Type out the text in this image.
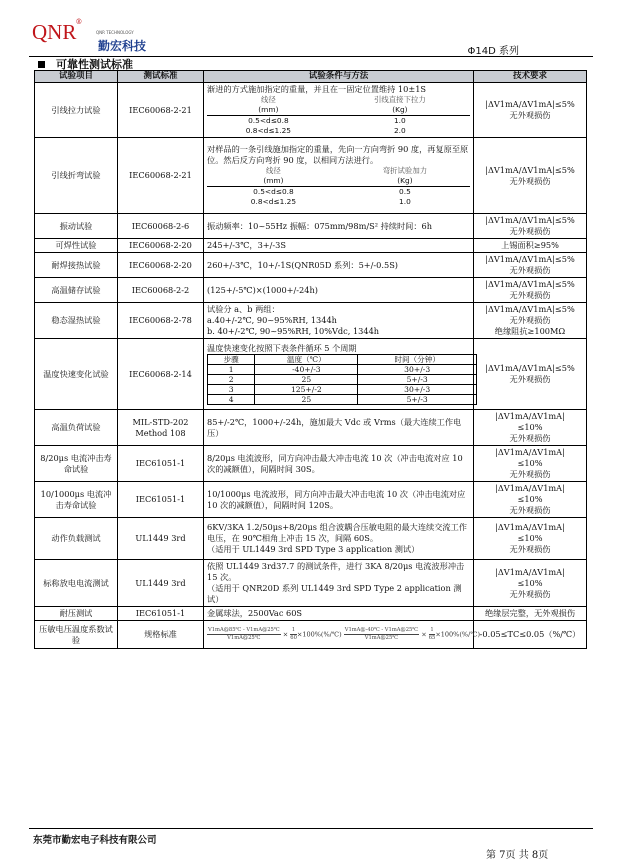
QNR®
QNR TECHNOLOGY
勤宏科技	Φ14D 系列
可靠性测试标准
试验项目	测试标准	试验条件与方法	技术要求
引线拉力试验	IEC60068-2-21	
渐进的方式施加指定的重量，并且在一固定位置维持 10±1S
线径	引线直接下拉力
(mm)	(Kg)
0.5<d≤0.8	1.0
0.8<d≤1.25	2.0

|ΔV1mA/ΔV1mA|≤5%
无外观损伤

引线折弯试验	IEC60068-2-21	
对样品的一条引线施加指定的重量，先向一方向弯折 90 度，再复原至原位。然后反方向弯折 90 度，以相同方法进行。
线径	弯折试验加力
(mm)	(Kg)
0.5<d≤0.8	0.5
0.8<d≤1.25	1.0

|ΔV1mA/ΔV1mA|≤5%
无外观损伤

振动试验	IEC60068-2-6	振动频率：10~55Hz 振幅：075mm/98m/S² 持续时间：6h

|ΔV1mA/ΔV1mA|≤5%
无外观损伤

可焊性试验	IEC60068-2-20	245+/-3℃，3+/-3S	上锡面积≥95%

耐焊接热试验	IEC60068-2-20	260+/-3℃，10+/-1S(QNR05D 系列：5+/-0.5S)

|ΔV1mA/ΔV1mA|≤5%
无外观损伤

高温储存试验	IEC60068-2-2	(125+/-5℃)×(1000+/-24h)

|ΔV1mA/ΔV1mA|≤5%
无外观损伤

稳态湿热试验	IEC60068-2-78	
试验分 a、b 两组：
a.40+/-2℃, 90~95%RH, 1344h
b. 40+/-2℃, 90~95%RH, 10%Vdc, 1344h

|ΔV1mA/ΔV1mA|≤5%
无外观损伤
绝缘阻抗≥100MΩ

温度快速变化试验	IEC60068-2-14	
温度快速变化按照下表条件循环 5 个周期
步骤	温度（℃）	时间（分钟）
1	-40+/-3	30+/-3
2	25	5+/-3
3	125+/-2	30+/-3
4	25	5+/-3

|ΔV1mA/ΔV1mA|≤5%
无外观损伤

高温负荷试验	MIL-STD-202 Method 108	
85+/-2℃，1000+/-24h，施加最大 Vdc 或 Vrms（最大连续工作电压）

|ΔV1mA/ΔV1mA|
≤10%
无外观损伤

8/20μs 电流冲击寿命试验	IEC61051-1	
8/20μs 电流波形，同方向冲击最大冲击电流 10 次（冲击电流对应 10 次的减额值），间隔时间 30S。

|ΔV1mA/ΔV1mA|
≤10%
无外观损伤

10/1000μs 电流冲击寿命试验	IEC61051-1	
10/1000μs 电流波形，同方向冲击最大冲击电流 10 次（冲击电流对应 10 次的减额值），间隔时间 120S。

|ΔV1mA/ΔV1mA|
≤10%
无外观损伤

动作负载测试	UL1449 3rd	
6KV/3KA 1.2/50μs+8/20μs 组合波耦合压敏电阻的最大连续交流工作电压，在 90℃相角上冲击 15 次，间隔 60S。
（适用于 UL1449 3rd SPD Type 3 application 测试）

|ΔV1mA/ΔV1mA|
≤10%
无外观损伤

标称放电电流测试	UL1449 3rd	
依照 UL1449 3rd37.7 的测试条件，进行 3KA 8/20μs 电流波形冲击 15 次。
（适用于 QNR20D 系列 UL1449 3rd SPD Type 2 application 测试）

|ΔV1mA/ΔV1mA|
≤10%
无外观损伤

耐压测试	IEC61051-1	金属球法，2500Vac 60S	绝缘层完整，无外观损伤

压敏电压温度系数试验	规格标准	$\frac{V1mA@85℃ - V1mA@25℃}{V1mA@25℃} \times \frac{1}{60}$ ×100%(%/℃) $\frac{V1mA@-40℃ - V1mA@25℃}{V1mA@25℃} \times \frac{1}{65}$ ×100%(%/℃)	-0.05≤TC≤0.05（%/℃）
东莞市勤宏电子科技有限公司
第 7页 共 8页
